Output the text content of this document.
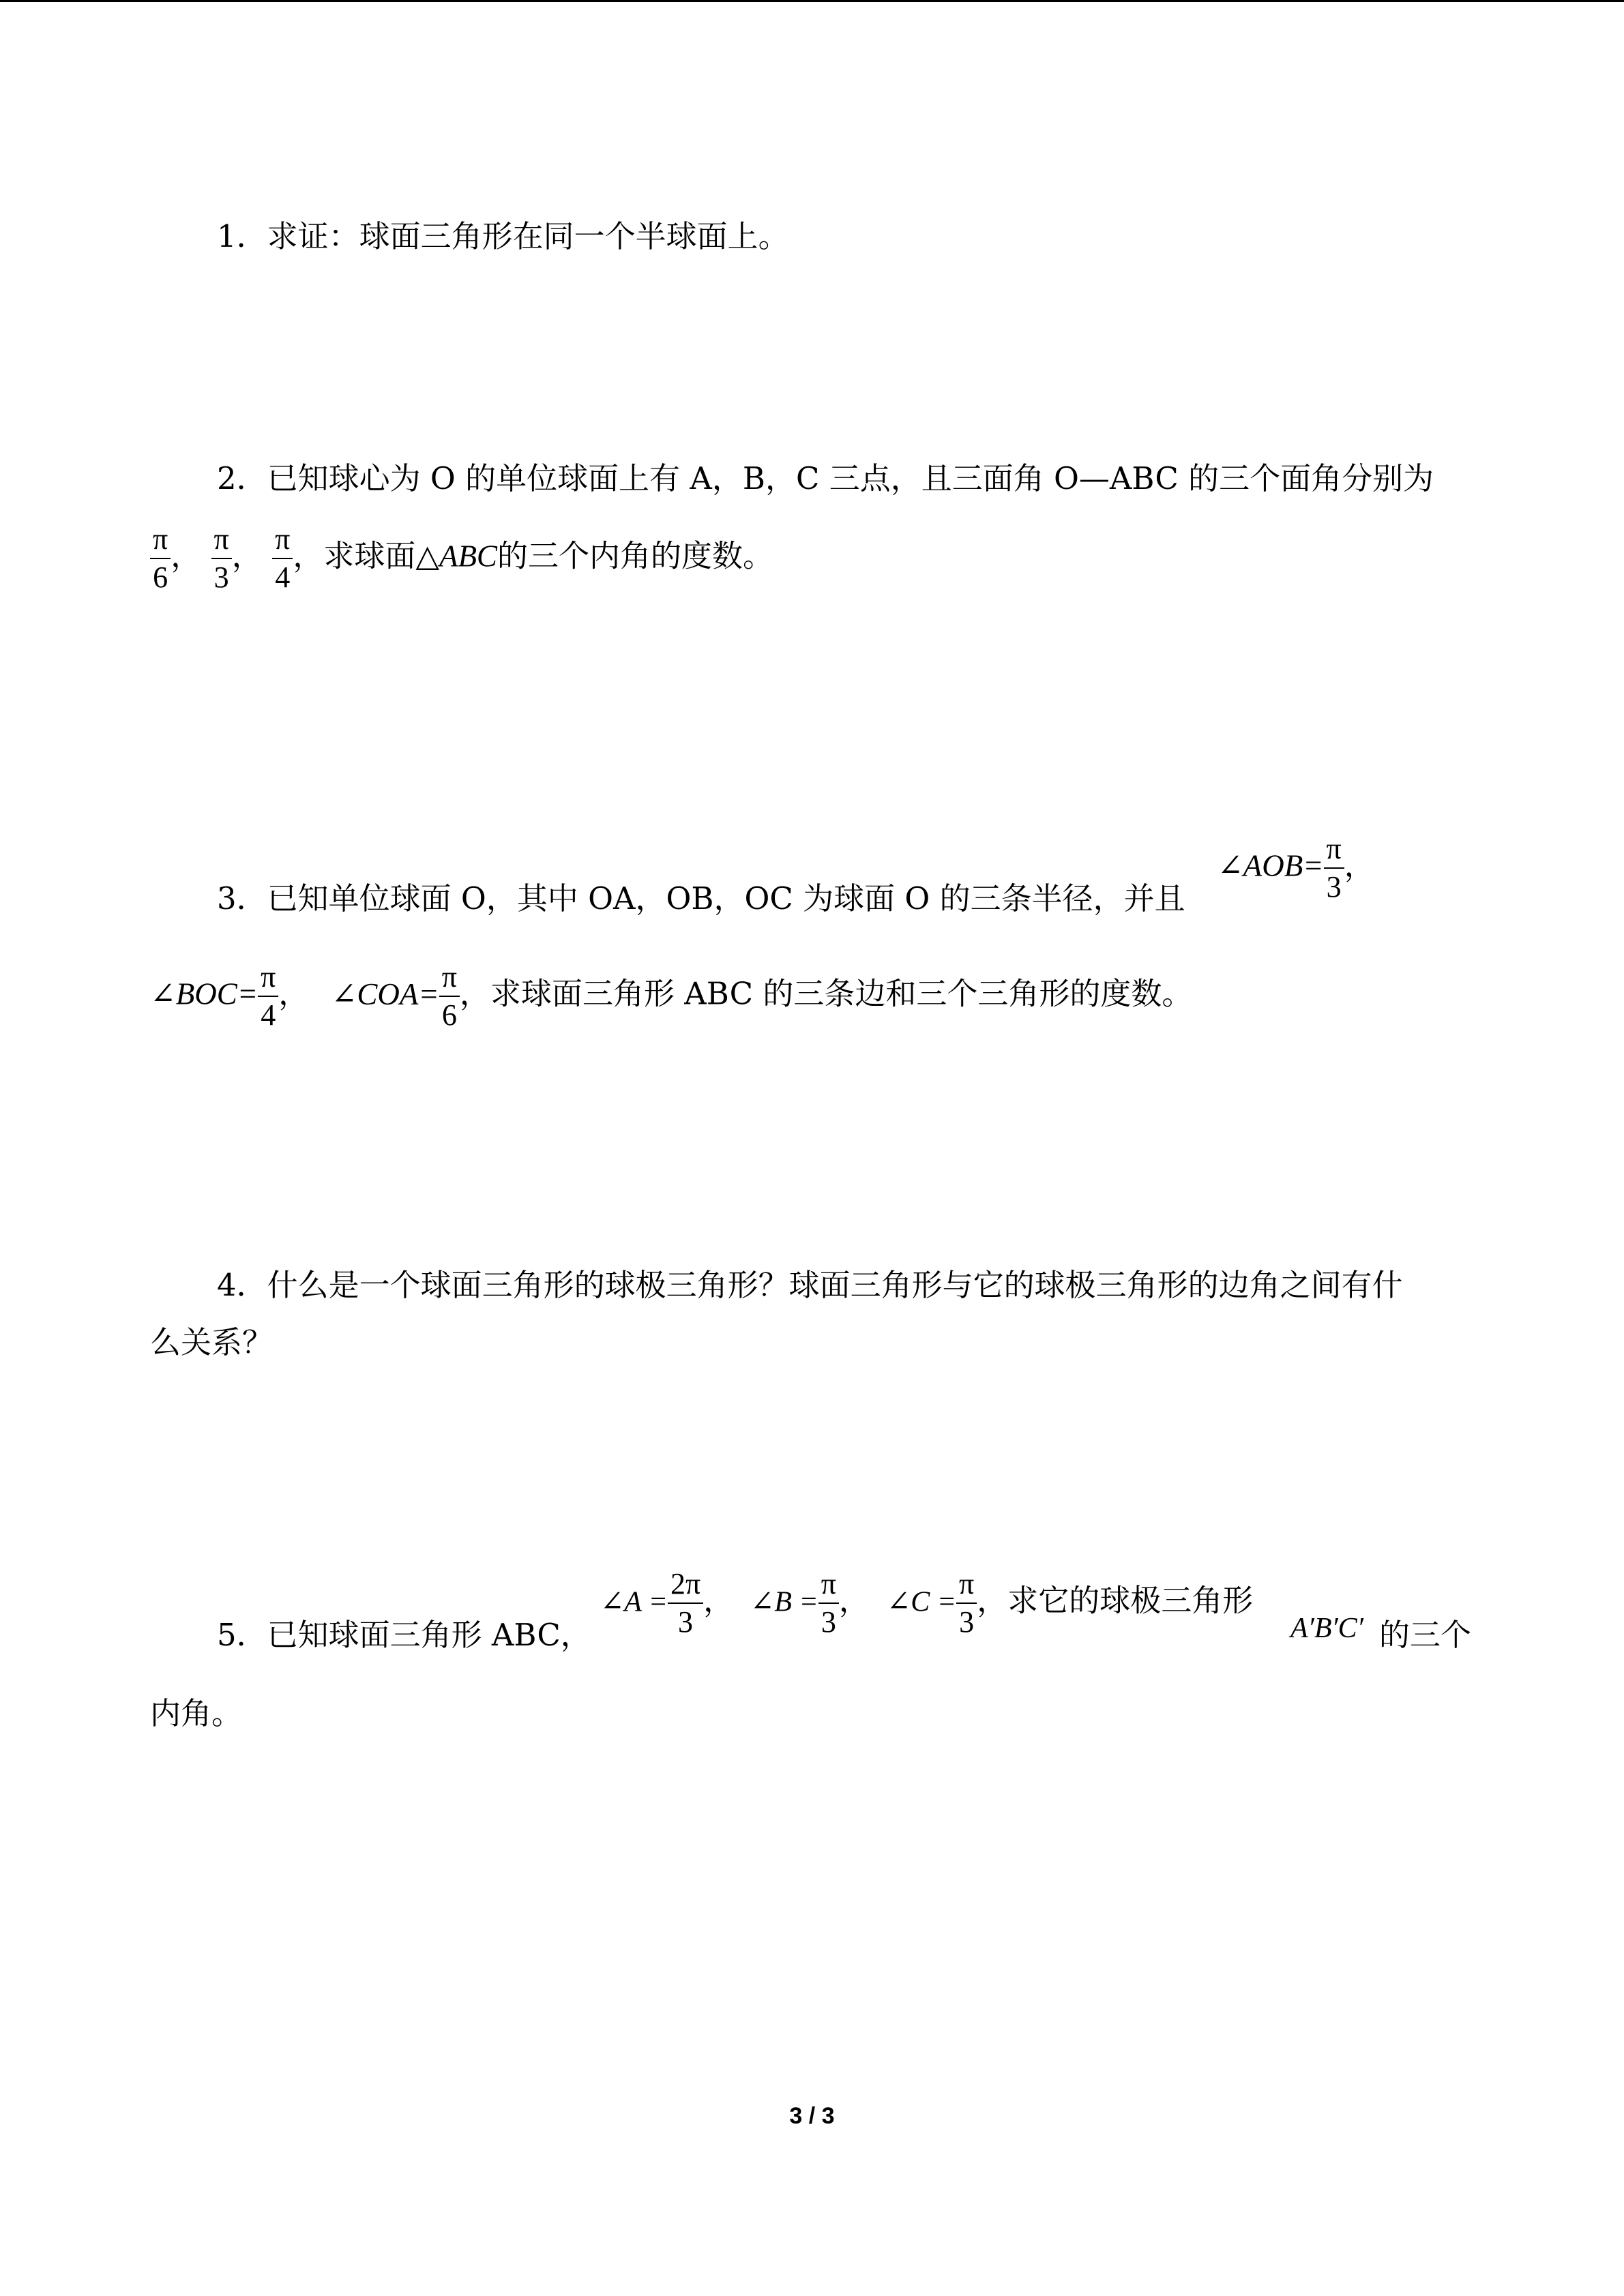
1．求证：球面三角形在同一个半球面上。
2．已知球心为 O 的单位球面上有 A，B，C 三点，且三面角 O—ABC 的三个面角分别为
$\frac{\pi}{6}$ ， $\frac{\pi}{3}$ ， $\frac{\pi}{4}$ ，求球面△ABC的三个内角的度数。
3．已知单位球面 O，其中 OA，OB，OC 为球面 O 的三条半径，并且
∠AOB= $\frac{\pi}{3}$ ，
∠BOC= $\frac{\pi}{4}$ ， ∠COA= $\frac{\pi}{6}$ ，求球面三角形 ABC 的三条边和三个三角形的度数。
4．什么是一个球面三角形的球极三角形？球面三角形与它的球极三角形的边角之间有什
么关系？
5．已知球面三角形 ABC，
∠A = $\frac{2\pi}{3}$ ， ∠B = $\frac{\pi}{3}$ ， ∠C = $\frac{\pi}{3}$ ，求它的球极三角形
A′B′C′ 的三个
内角。
3 / 3
